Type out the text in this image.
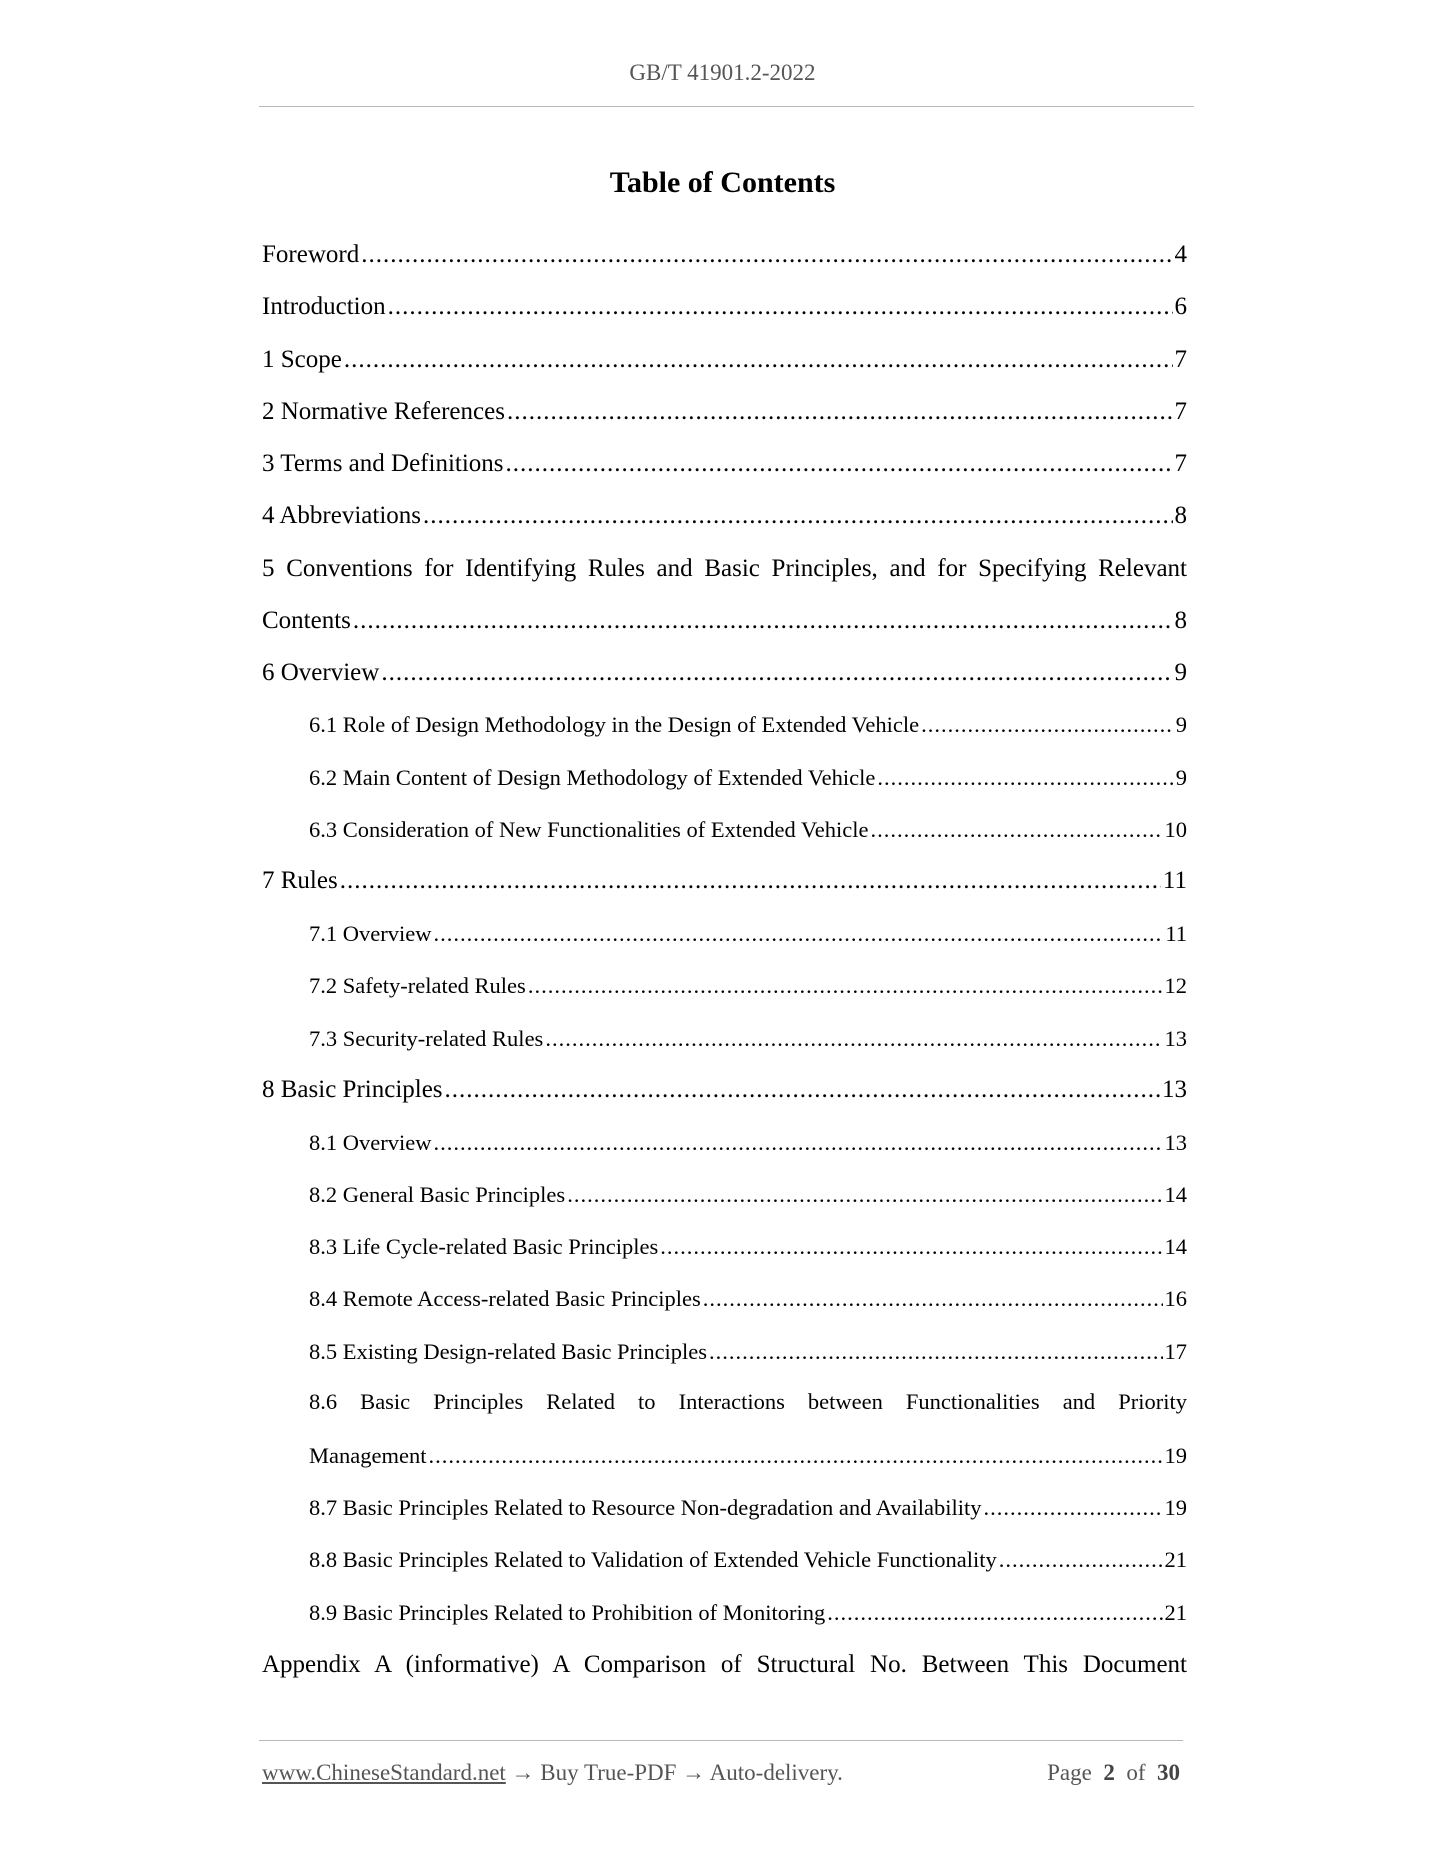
GB/T 41901.2-2022
Table of Contents
Foreword .....	4
Introduction .....	6
1 Scope .....	7
2 Normative References .....	7
3 Terms and Definitions .....	7
4 Abbreviations .....	8
5 Conventions for Identifying Rules and Basic Principles, and for Specifying Relevant
Contents .....	8
6 Overview .....	9
6.1 Role of Design Methodology in the Design of Extended Vehicle .....	9
6.2 Main Content of Design Methodology of Extended Vehicle .....	9
6.3 Consideration of New Functionalities of Extended Vehicle .....	10
7 Rules .....	11
7.1 Overview .....	11
7.2 Safety-related Rules .....	12
7.3 Security-related Rules .....	13
8 Basic Principles .....	13
8.1 Overview .....	13
8.2 General Basic Principles .....	14
8.3 Life Cycle-related Basic Principles .....	14
8.4 Remote Access-related Basic Principles .....	16
8.5 Existing Design-related Basic Principles .....	17
8.6 Basic Principles Related to Interactions between Functionalities and Priority
Management .....	19
8.7 Basic Principles Related to Resource Non-degradation and Availability .....	19
8.8 Basic Principles Related to Validation of Extended Vehicle Functionality .....	21
8.9 Basic Principles Related to Prohibition of Monitoring .....	21
Appendix A (informative) A Comparison of Structural No. Between This Document
www.ChineseStandard.net → Buy True-PDF → Auto-delivery.	Page 2 of 30
